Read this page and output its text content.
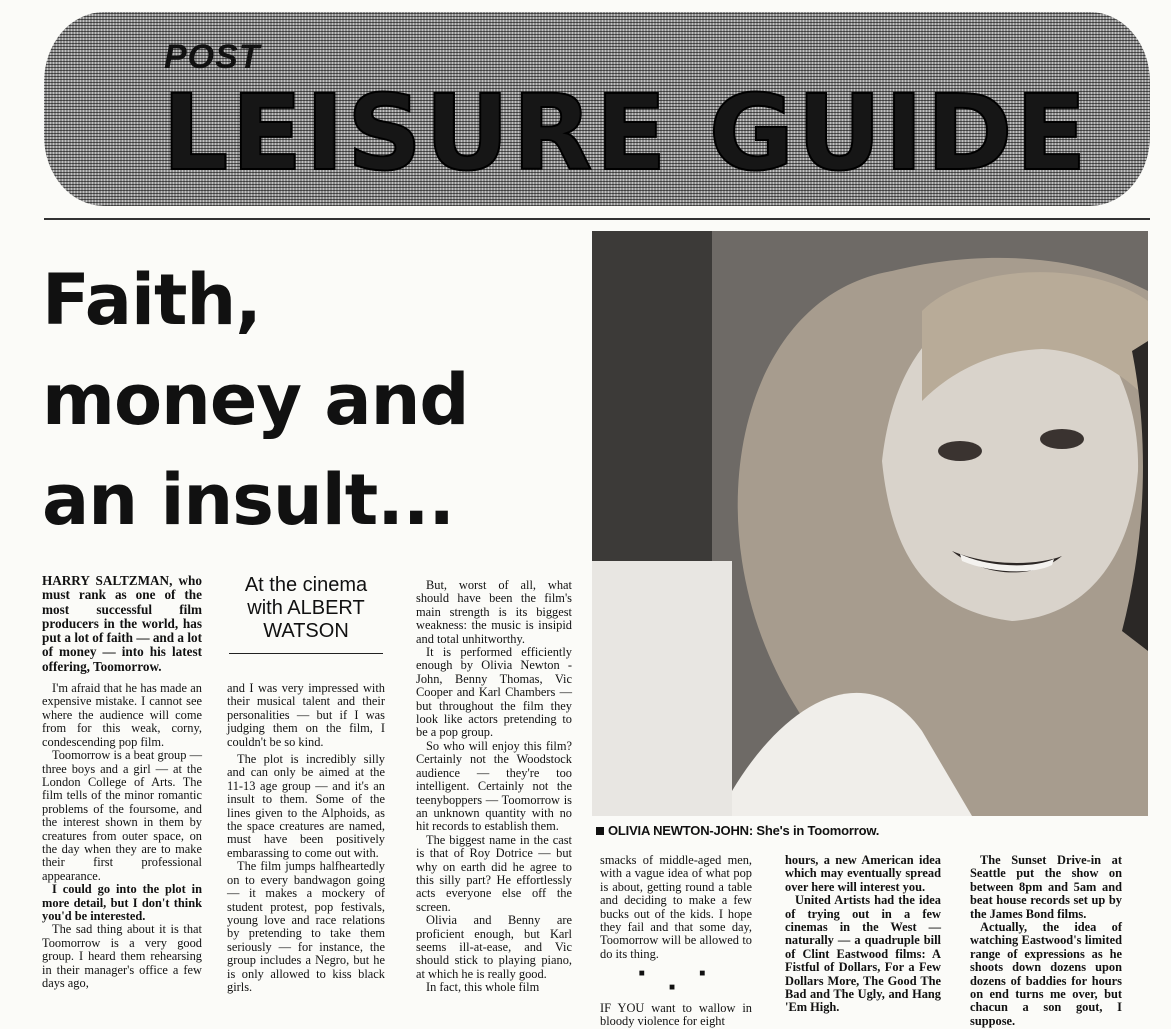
POST
LEISURE GUIDE
Faith,
money and
an insult...

OLIVIA NEWTON-JOHN: She's in Toomorrow.

HARRY SALTZMAN, who must rank as one of the most successful film producers in the world, has put a lot of faith — and a lot of money — into his latest offering, Toomorrow.

I'm afraid that he has made an expensive mistake. I cannot see where the audience will come from for this weak, corny, condescending pop film.

Toomorrow is a beat group — three boys and a girl — at the London College of Arts. The film tells of the minor romantic problems of the foursome, and the interest shown in them by creatures from outer space, on the day when they are to make their first professional appearance.

I could go into the plot in more detail, but I don't think you'd be interested.

The sad thing about it is that Toomorrow is a very good group. I heard them rehearsing in their manager's office a few days ago,

At the cinema
with ALBERT
WATSON

and I was very impressed with their musical talent and their personalities — but if I was judging them on the film, I couldn't be so kind.

The plot is incredibly silly and can only be aimed at the 11-13 age group — and it's an insult to them. Some of the lines given to the Alphoids, as the space creatures are named, must have been positively embarassing to come out with.

The film jumps halfheartedly on to every bandwagon going — it makes a mockery of student protest, pop festivals, young love and race relations by pretending to take them seriously — for instance, the group includes a Negro, but he is only allowed to kiss black girls.

But, worst of all, what should have been the film's main strength is its biggest weakness: the music is insipid and total unhitworthy.

It is performed efficiently enough by Olivia Newton - John, Benny Thomas, Vic Cooper and Karl Chambers — but throughout the film they look like actors pretending to be a pop group.

So who will enjoy this film? Certainly not the Woodstock audience — they're too intelligent. Certainly not the teenyboppers — Toomorrow is an unknown quantity with no hit records to establish them.

The biggest name in the cast is that of Roy Dotrice — but why on earth did he agree to this silly part? He effortlessly acts everyone else off the screen.

Olivia and Benny are proficient enough, but Karl seems ill-at-ease, and Vic should stick to playing piano, at which he is really good.

In fact, this whole film

smacks of middle-aged men, with a vague idea of what pop is about, getting round a table and deciding to make a few bucks out of the kids. I hope they fail and that some day, Toomorrow will be allowed to do its thing.

■ ■ ■

IF YOU want to wallow in bloody violence for eight

hours, a new American idea which may eventually spread over here will interest you.

United Artists had the idea of trying out in a few cinemas in the West — naturally — a quadruple bill of Clint Eastwood films: A Fistful of Dollars, For a Few Dollars More, The Good The Bad and The Ugly, and Hang 'Em High.

The Sunset Drive-in at Seattle put the show on between 8pm and 5am and beat house records set up by the James Bond films.

Actually, the idea of watching Eastwood's limited range of expressions as he shoots down dozens upon dozens of baddies for hours on end turns me over, but chacun a son gout, I suppose.
